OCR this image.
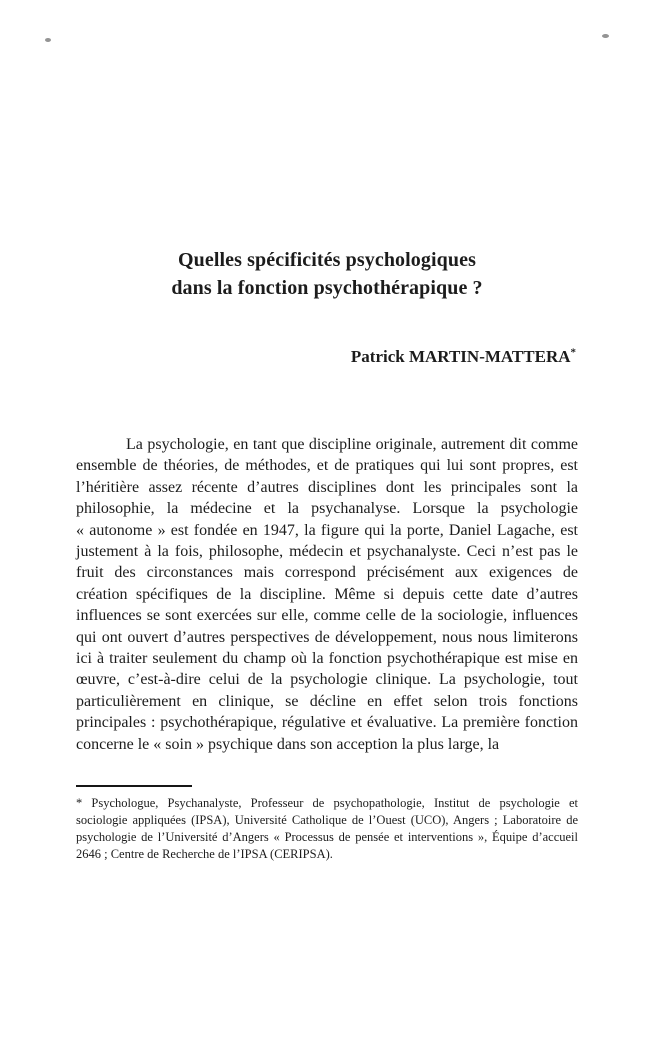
Quelles spécificités psychologiques
dans la fonction psychothérapique ?
Patrick MARTIN-MATTERA*

La psychologie, en tant que discipline originale, autrement dit comme ensemble de théories, de méthodes, et de pratiques qui lui sont propres, est l’héritière assez récente d’autres disciplines dont les principales sont la philosophie, la médecine et la psychanalyse. Lorsque la psychologie « autonome » est fondée en 1947, la figure qui la porte, Daniel Lagache, est justement à la fois, philosophe, médecin et psychanalyste. Ceci n’est pas le fruit des circonstances mais correspond précisément aux exigences de création spécifiques de la discipline. Même si depuis cette date d’autres influences se sont exercées sur elle, comme celle de la sociologie, influences qui ont ouvert d’autres perspectives de développement, nous nous limiterons ici à traiter seulement du champ où la fonction psychothérapique est mise en œuvre, c’est-à-dire celui de la psychologie clinique. La psychologie, tout particulièrement en clinique, se décline en effet selon trois fonctions principales : psychothérapique, régulative et évaluative. La première fonction concerne le « soin » psychique dans son acception la plus large, la

* Psychologue, Psychanalyste, Professeur de psychopathologie, Institut de psychologie et sociologie appliquées (IPSA), Université Catholique de l’Ouest (UCO), Angers ; Laboratoire de psychologie de l’Université d’Angers « Processus de pensée et interventions », Équipe d’accueil 2646 ; Centre de Recherche de l’IPSA (CERIPSA).
